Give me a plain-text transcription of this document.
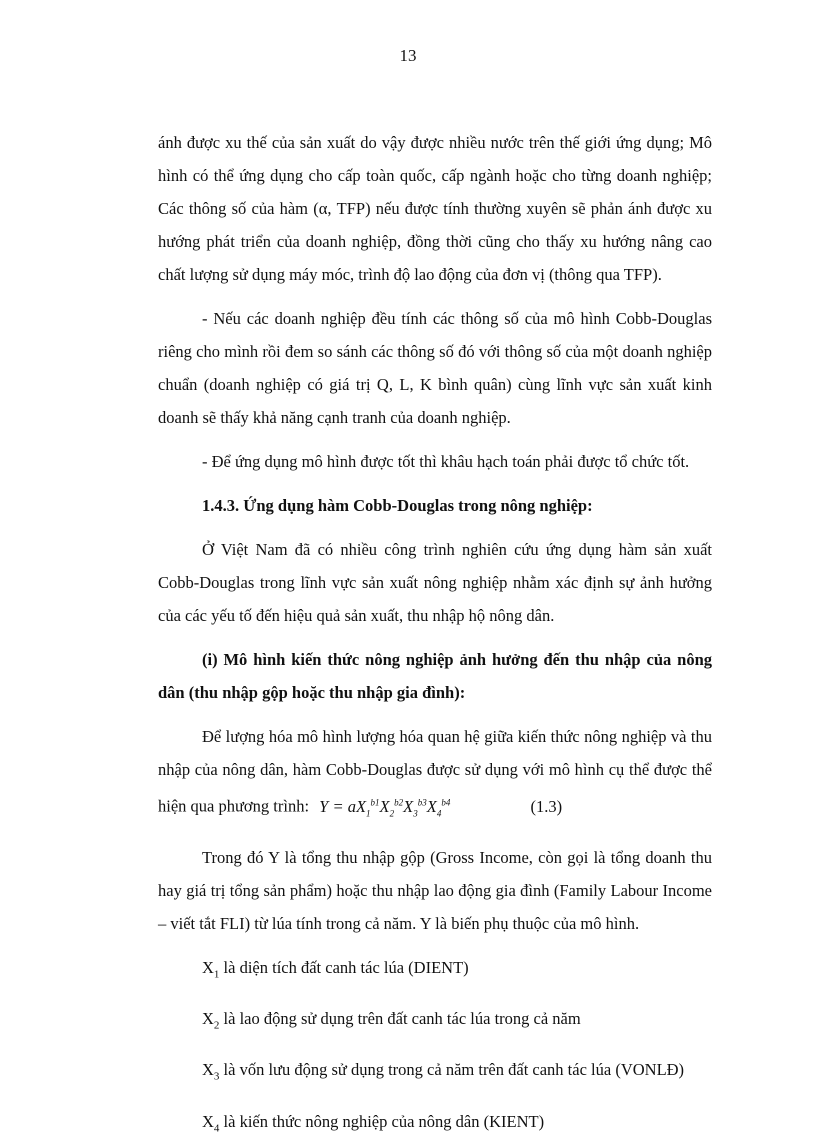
13

ánh được xu thế của sản xuất do vậy được nhiều nước trên thế giới ứng dụng; Mô hình có thể ứng dụng cho cấp toàn quốc, cấp ngành hoặc cho từng doanh nghiệp; Các thông số của hàm (α, TFP) nếu được tính thường xuyên sẽ phản ánh được xu hướng phát triển của doanh nghiệp, đồng thời cũng cho thấy xu hướng nâng cao chất lượng sử dụng máy móc, trình độ lao động của đơn vị (thông qua TFP).

- Nếu các doanh nghiệp đều tính các thông số của mô hình Cobb-Douglas riêng cho mình rồi đem so sánh các thông số đó với thông số của một doanh nghiệp chuẩn (doanh nghiệp có giá trị Q, L, K bình quân) cùng lĩnh vực sản xuất kinh doanh sẽ thấy khả năng cạnh tranh của doanh nghiệp.

- Để ứng dụng mô hình được tốt thì khâu hạch toán phải được tổ chức tốt.

1.4.3. Ứng dụng hàm Cobb-Douglas trong nông nghiệp:

Ở Việt Nam đã có nhiều công trình nghiên cứu ứng dụng hàm sản xuất Cobb-Douglas trong lĩnh vực sản xuất nông nghiệp nhằm xác định sự ảnh hưởng của các yếu tố đến hiệu quả sản xuất, thu nhập hộ nông dân.

(i) Mô hình kiến thức nông nghiệp ảnh hưởng đến thu nhập của nông dân (thu nhập gộp hoặc thu nhập gia đình):

Để lượng hóa mô hình lượng hóa quan hệ giữa kiến thức nông nghiệp và thu nhập của nông dân, hàm Cobb-Douglas được sử dụng với mô hình cụ thể được thể hiện qua phương trình: $Y = aX_1^{b1}X_2^{b2}X_3^{b3}X_4^{b4}$	(1.3)

Trong đó Y là tổng thu nhập gộp (Gross Income, còn gọi là tổng doanh thu hay giá trị tổng sản phẩm) hoặc thu nhập lao động gia đình (Family Labour Income – viết tắt FLI) từ lúa tính trong cả năm. Y là biến phụ thuộc của mô hình.

$X_1$ là diện tích đất canh tác lúa (DIENT)

$X_2$ là lao động sử dụng trên đất canh tác lúa trong cả năm

$X_3$ là vốn lưu động sử dụng trong cả năm trên đất canh tác lúa (VONLĐ)

$X_4$ là kiến thức nông nghiệp của nông dân (KIENT)
